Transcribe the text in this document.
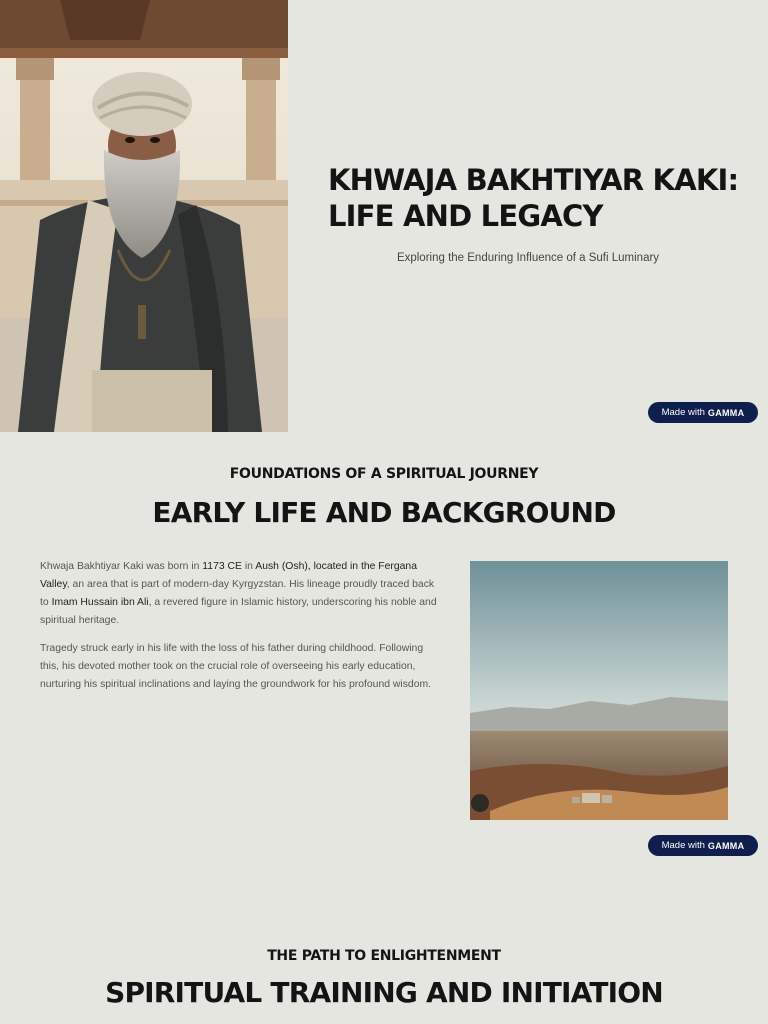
KHWAJA BAKHTIYAR KAKI: LIFE AND LEGACY

Exploring the Enduring Influence of a Sufi Luminary

Made with GAMMA
FOUNDATIONS OF A SPIRITUAL JOURNEY
EARLY LIFE AND BACKGROUND

Khwaja Bakhtiyar Kaki was born in 1173 CE in Aush (Osh), located in the Fergana Valley, an area that is part of modern-day Kyrgyzstan. His lineage proudly traced back to Imam Hussain ibn Ali, a revered figure in Islamic history, underscoring his noble and spiritual heritage.

Tragedy struck early in his life with the loss of his father during childhood. Following this, his devoted mother took on the crucial role of overseeing his early education, nurturing his spiritual inclinations and laying the groundwork for his profound wisdom.

Made with GAMMA
THE PATH TO ENLIGHTENMENT
SPIRITUAL TRAINING AND INITIATION
